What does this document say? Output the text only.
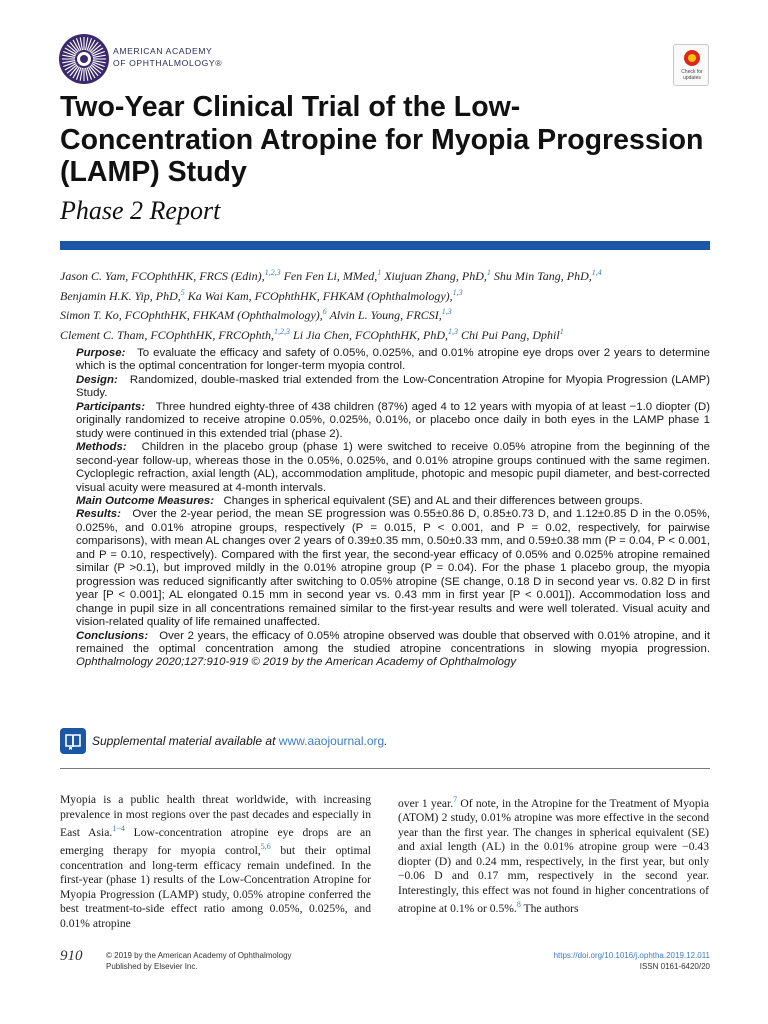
AMERICAN ACADEMY
OF OPHTHALMOLOGY®
Check for updates
Two-Year Clinical Trial of the Low-Concentration Atropine for Myopia Progression (LAMP) Study
Phase 2 Report
Jason C. Yam, FCOphthHK, FRCS (Edin),$^{1,2,3}$ Fen Fen Li, MMed,$^1$ Xiujuan Zhang, PhD,$^1$ Shu Min Tang, PhD,$^{1,4}$
Benjamin H.K. Yip, PhD,$^5$ Ka Wai Kam, FCOphthHK, FHKAM (Ophthalmology),$^{1,3}$
Simon T. Ko, FCOphthHK, FHKAM (Ophthalmology),$^6$ Alvin L. Young, FRCSI,$^{1,3}$
Clement C. Tham, FCOphthHK, FRCOphth,$^{1,2,3}$ Li Jia Chen, FCOphthHK, PhD,$^{1,3}$ Chi Pui Pang, Dphil$^1$

Purpose: To evaluate the efficacy and safety of 0.05%, 0.025%, and 0.01% atropine eye drops over 2 years to determine which is the optimal concentration for longer-term myopia control.

Design: Randomized, double-masked trial extended from the Low-Concentration Atropine for Myopia Progression (LAMP) Study.

Participants: Three hundred eighty-three of 438 children (87%) aged 4 to 12 years with myopia of at least −1.0 diopter (D) originally randomized to receive atropine 0.05%, 0.025%, 0.01%, or placebo once daily in both eyes in the LAMP phase 1 study were continued in this extended trial (phase 2).

Methods: Children in the placebo group (phase 1) were switched to receive 0.05% atropine from the beginning of the second-year follow-up, whereas those in the 0.05%, 0.025%, and 0.01% atropine groups continued with the same regimen. Cycloplegic refraction, axial length (AL), accommodation amplitude, photopic and mesopic pupil diameter, and best-corrected visual acuity were measured at 4-month intervals.

Main Outcome Measures: Changes in spherical equivalent (SE) and AL and their differences between groups.

Results: Over the 2-year period, the mean SE progression was 0.55±0.86 D, 0.85±0.73 D, and 1.12±0.85 D in the 0.05%, 0.025%, and 0.01% atropine groups, respectively (P = 0.015, P < 0.001, and P = 0.02, respectively, for pairwise comparisons), with mean AL changes over 2 years of 0.39±0.35 mm, 0.50±0.33 mm, and 0.59±0.38 mm (P = 0.04, P < 0.001, and P = 0.10, respectively). Compared with the first year, the second-year efficacy of 0.05% and 0.025% atropine remained similar (P >0.1), but improved mildly in the 0.01% atropine group (P = 0.04). For the phase 1 placebo group, the myopia progression was reduced significantly after switching to 0.05% atropine (SE change, 0.18 D in second year vs. 0.82 D in first year [P < 0.001]; AL elongated 0.15 mm in second year vs. 0.43 mm in first year [P < 0.001]). Accommodation loss and change in pupil size in all concentrations remained similar to the first-year results and were well tolerated. Visual acuity and vision-related quality of life remained unaffected.

Conclusions: Over 2 years, the efficacy of 0.05% atropine observed was double that observed with 0.01% atropine, and it remained the optimal concentration among the studied atropine concentrations in slowing myopia progression. Ophthalmology 2020;127:910-919 © 2019 by the American Academy of Ophthalmology

Supplemental material available at www.aaojournal.org.
Myopia is a public health threat worldwide, with increasing prevalence in most regions over the past decades and especially in East Asia.$^{1-4}$ Low-concentration atropine eye drops are an emerging therapy for myopia control,$^{5,6}$ but their optimal concentration and long-term efficacy remain undefined. In the first-year (phase 1) results of the Low-Concentration Atropine for Myopia Progression (LAMP) study, 0.05% atropine conferred the best treatment-to-side effect ratio among 0.05%, 0.025%, and 0.01% atropine
over 1 year.$^7$ Of note, in the Atropine for the Treatment of Myopia (ATOM) 2 study, 0.01% atropine was more effective in the second year than the first year. The changes in spherical equivalent (SE) and axial length (AL) in the 0.01% atropine group were −0.43 diopter (D) and 0.24 mm, respectively, in the first year, but only −0.06 D and 0.17 mm, respectively in the second year. Interestingly, this effect was not found in higher concentrations of atropine at 0.1% or 0.5%.$^8$ The authors
910	© 2019 by the American Academy of Ophthalmology
Published by Elsevier Inc.
https://doi.org/10.1016/j.ophtha.2019.12.011
ISSN 0161-6420/20
